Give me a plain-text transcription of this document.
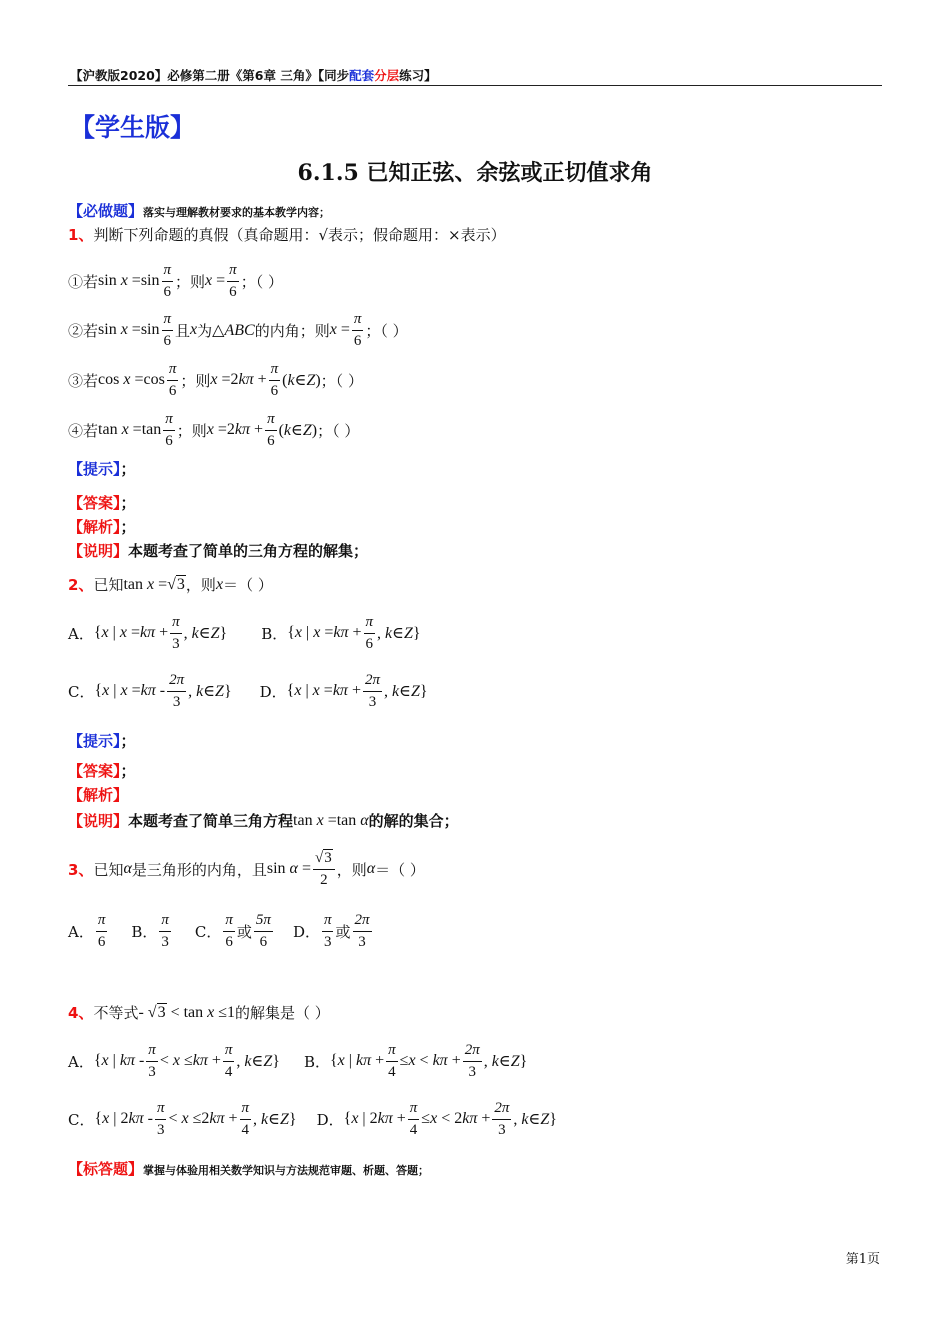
【沪教版2020】必修第二册《第6章 三角》【同步配套分层练习】
【学生版】
6.1.5 已知正弦、余弦或正切值求角
【必做题】落实与理解教材要求的基本教学内容；
1、 判断下列命题的真假（真命题用：√表示；假命题用：×表示）
①若 $\sin x =\sin \frac{\pi}{6}$ ；则 $x = \frac{\pi}{6}$ ；（ ）
②若 $\sin x =\sin \frac{\pi}{6}$ 且 x 为 △ABC 的内角；则 $x = \frac{\pi}{6}$ ；（ ）
③若 $\cos x =\cos \frac{\pi}{6}$ ；则 $x =2k\pi + \frac{\pi}{6}$ (k∈Z) ；（ ）
④若 $\tan x =\tan \frac{\pi}{6}$ ；则 $x =2k\pi + \frac{\pi}{6}$ (k∈Z) ；（ ）
【提示】；
【答案】；
【解析】；
【说明】本题考查了简单的三角方程的解集；
2、 已知 tan x =√3 ，则 x ＝ （ ）
A． {x | $x =k\pi + \frac{\pi}{3}$ , k∈Z} B． {x | $x =k\pi + \frac{\pi}{6}$ , k∈Z}
C． {x | $x =k\pi - \frac{2\pi}{3}$ , k∈Z} D． {x | $x =k\pi + \frac{2\pi}{3}$ , k∈Z}
【提示】；
【答案】；
【解析】
【说明】 本题考查了简单三角方程 tan x =tan α 的解的集合；
3、 已知 α 是三角形的内角，且 $\sin \alpha = \frac{√3}{2}$ ，则 α ＝ （ ）
A． $\frac{\pi}{6}$ B． $\frac{\pi}{3}$ C． $\frac{\pi}{6}$ 或 $\frac{5\pi}{6}$ D． $\frac{\pi}{3}$ 或 $\frac{2\pi}{3}$
4、 不等式 - √3 < tan x ≤1 的解集是（ ）
A． {x | $k\pi - \frac{\pi}{3} < x \le k\pi + \frac{\pi}{4}$ , k∈Z} B． {x | $k\pi + \frac{\pi}{4} \le x < k\pi + \frac{2\pi}{3}$ , k∈Z}
C． {x | $2k\pi - \frac{\pi}{3} < x \le 2k\pi + \frac{\pi}{4}$ , k∈Z} D． {x | $2k\pi + \frac{\pi}{4} \le x < 2k\pi + \frac{2\pi}{3}$ , k∈Z}
【标答题】掌握与体验用相关数学知识与方法规范审题、析题、答题；
第1页
